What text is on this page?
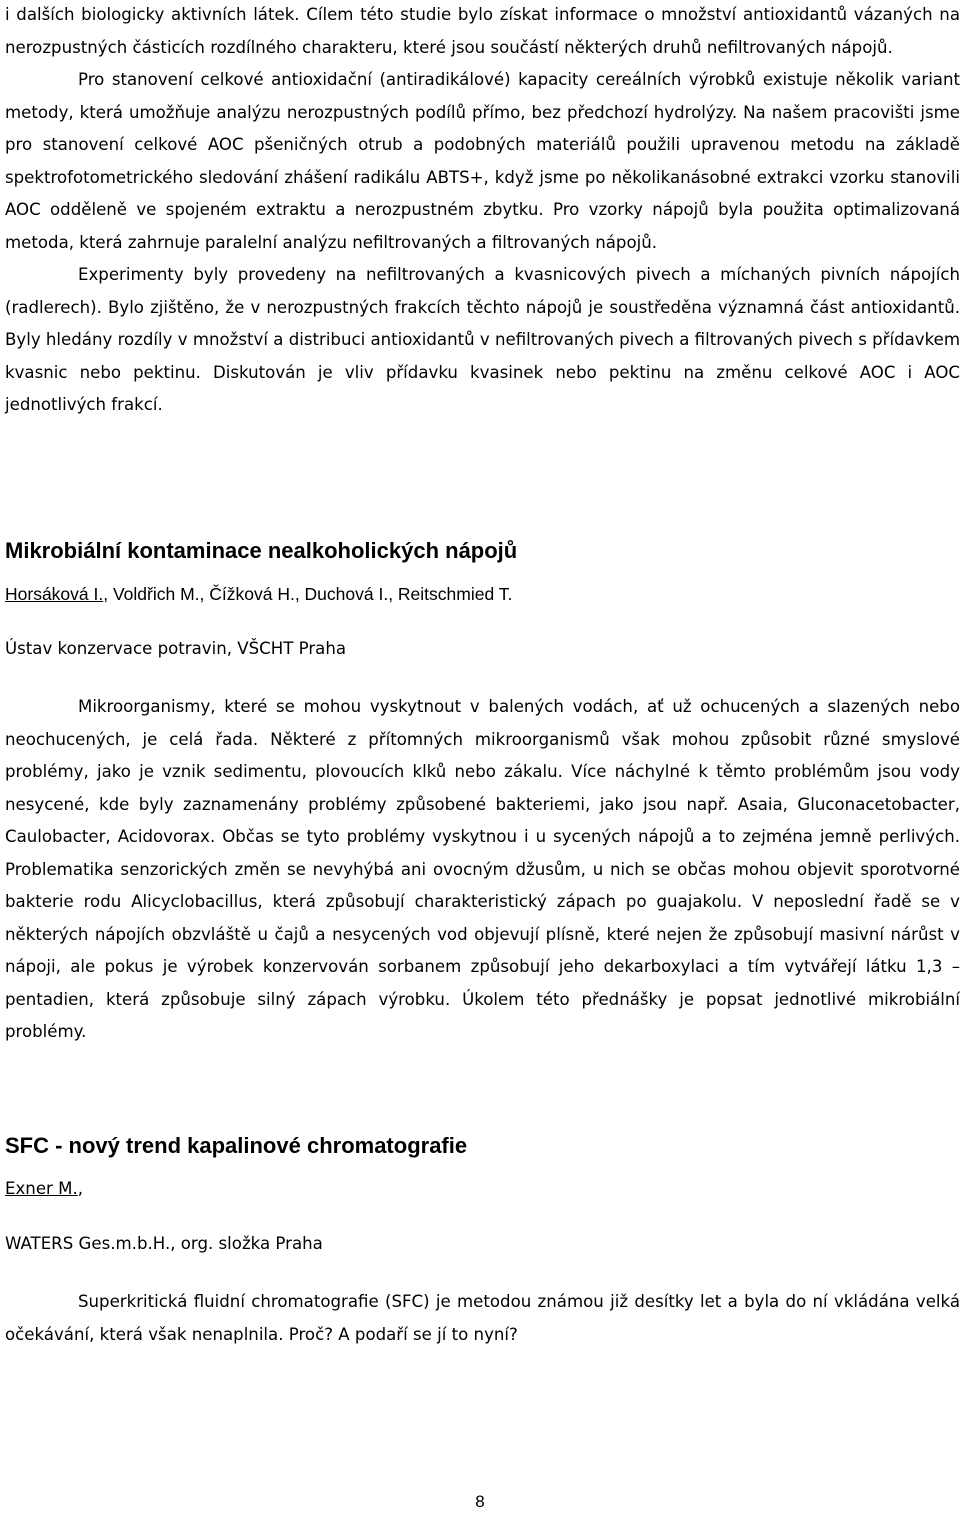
i dalších biologicky aktivních látek. Cílem této studie bylo získat informace o množství antioxidantů vázaných na nerozpustných částicích rozdílného charakteru, které jsou součástí některých druhů nefiltrovaných nápojů.

Pro stanovení celkové antioxidační (antiradikálové) kapacity cereálních výrobků existuje několik variant metody, která umožňuje analýzu nerozpustných podílů přímo, bez předchozí hydrolýzy. Na našem pracovišti jsme pro stanovení celkové AOC pšeničných otrub a podobných materiálů použili upravenou metodu na základě spektrofotometrického sledování zhášení radikálu ABTS+, když jsme po několikanásobné extrakci vzorku stanovili AOC odděleně ve spojeném extraktu a nerozpustném zbytku. Pro vzorky nápojů byla použita optimalizovaná metoda, která zahrnuje paralelní analýzu nefiltrovaných a filtrovaných nápojů.

Experimenty byly provedeny na nefiltrovaných a kvasnicových pivech a míchaných pivních nápojích (radlerech). Bylo zjištěno, že v nerozpustných frakcích těchto nápojů je soustředěna významná část antioxidantů. Byly hledány rozdíly v množství a distribuci antioxidantů v nefiltrovaných pivech a filtrovaných pivech s přídavkem kvasnic nebo pektinu. Diskutován je vliv přídavku kvasinek nebo pektinu na změnu celkové AOC i AOC jednotlivých frakcí.

Mikrobiální kontaminace nealkoholických nápojů

Horsáková I., Voldřich M., Čížková H., Duchová I., Reitschmied T.

Ústav konzervace potravin, VŠCHT Praha

Mikroorganismy, které se mohou vyskytnout v balených vodách, ať už ochucených a slazených nebo neochucených, je celá řada. Některé z přítomných mikroorganismů však mohou způsobit různé smyslové problémy, jako je vznik sedimentu, plovoucích klků nebo zákalu. Více náchylné k těmto problémům jsou vody nesycené, kde byly zaznamenány problémy způsobené bakteriemi, jako jsou např. Asaia, Gluconacetobacter, Caulobacter, Acidovorax. Občas se tyto problémy vyskytnou i u sycených nápojů a to zejména jemně perlivých. Problematika senzorických změn se nevyhýbá ani ovocným džusům, u nich se občas mohou objevit sporotvorné bakterie rodu Alicyclobacillus, která způsobují charakteristický zápach po guajakolu. V neposlední řadě se v některých nápojích obzvláště u čajů a nesycených vod objevují plísně, které nejen že způsobují masivní nárůst v nápoji, ale pokus je výrobek konzervován sorbanem způsobují jeho dekarboxylaci a tím vytvářejí látku 1,3 – pentadien, která způsobuje silný zápach výrobku. Úkolem této přednášky je popsat jednotlivé mikrobiální problémy.

SFC - nový trend kapalinové chromatografie

Exner M.,

WATERS Ges.m.b.H., org. složka Praha

Superkritická fluidní chromatografie (SFC) je metodou známou již desítky let a byla do ní vkládána velká očekávání, která však nenaplnila. Proč? A podaří se jí to nyní?

8
